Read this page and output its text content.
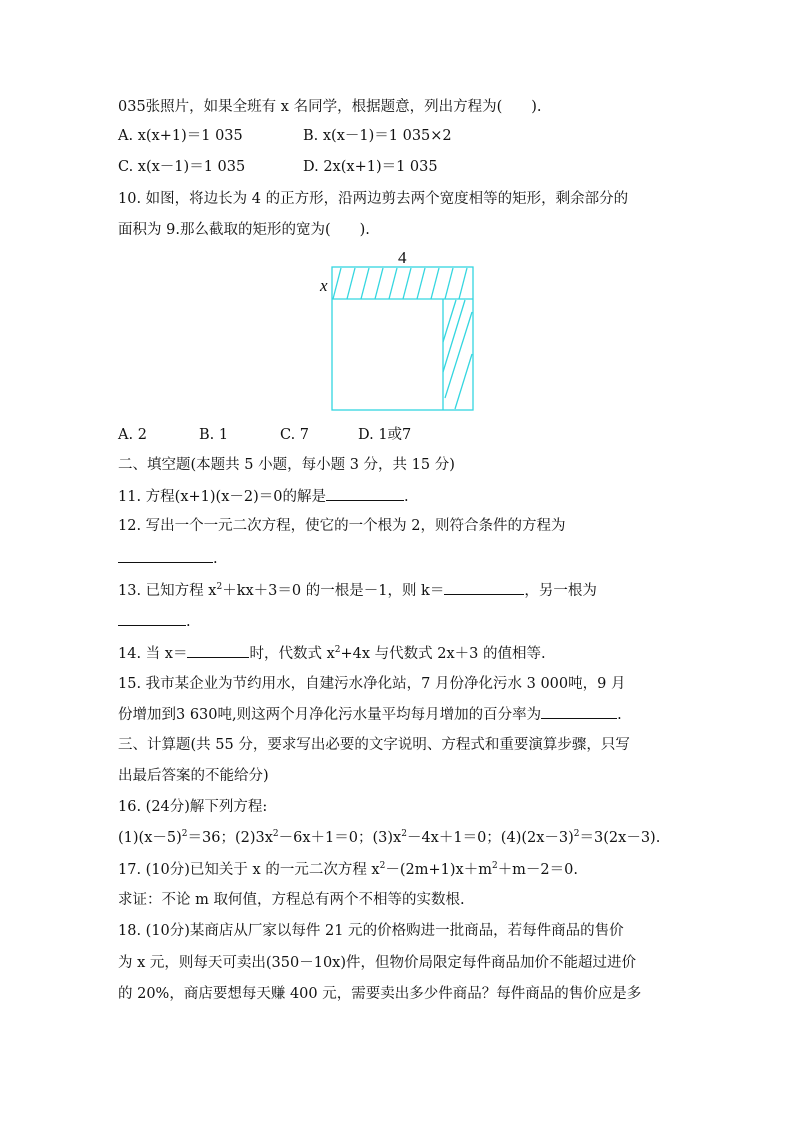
035张照片，如果全班有 x 名同学，根据题意，列出方程为(　　).
A. x(x+1)＝1 035	B. x(x－1)＝1 035×2
C. x(x－1)＝1 035	D. 2x(x+1)＝1 035
10. 如图，将边长为 4 的正方形，沿两边剪去两个宽度相等的矩形，剩余部分的
面积为 9.那么截取的矩形的宽为(　　).
4
x
A. 2	B. 1	C. 7	D. 1或7
二、填空题(本题共 5 小题，每小题 3 分，共 15 分)
11. 方程(x+1)(x－2)＝0的解是	.
12. 写出一个一元二次方程，使它的一个根为 2，则符合条件的方程为
.
13. 已知方程 $x^2+kx+3=0$ 的一根是－1，则 k＝	，另一根为
.
14. 当 x＝	时，代数式 $x^2+4x$ 与代数式 2x＋3 的值相等.
15. 我市某企业为节约用水，自建污水净化站，7 月份净化污水 3 000吨，9 月
份增加到3 630吨,则这两个月净化污水量平均每月增加的百分率为	.
三、计算题(共 55 分，要求写出必要的文字说明、方程式和重要演算步骤，只写
出最后答案的不能给分)
16. (24分)解下列方程:
$(1)(x-5)^2=36$；$(2)3x^2-6x+1=0$；$(3)x^2-4x+1=0$；$(4)(2x-3)^2=3(2x-3)$.
17. (10分)已知关于 x 的一元二次方程 $x^2-(2m+1)x+m^2+m-2=0$.
求证：不论 m 取何值，方程总有两个不相等的实数根.
18. (10分)某商店从厂家以每件 21 元的价格购进一批商品，若每件商品的售价
为 x 元，则每天可卖出(350－10x)件，但物价局限定每件商品加价不能超过进价
的 20%，商店要想每天赚 400 元，需要卖出多少件商品？每件商品的售价应是多
